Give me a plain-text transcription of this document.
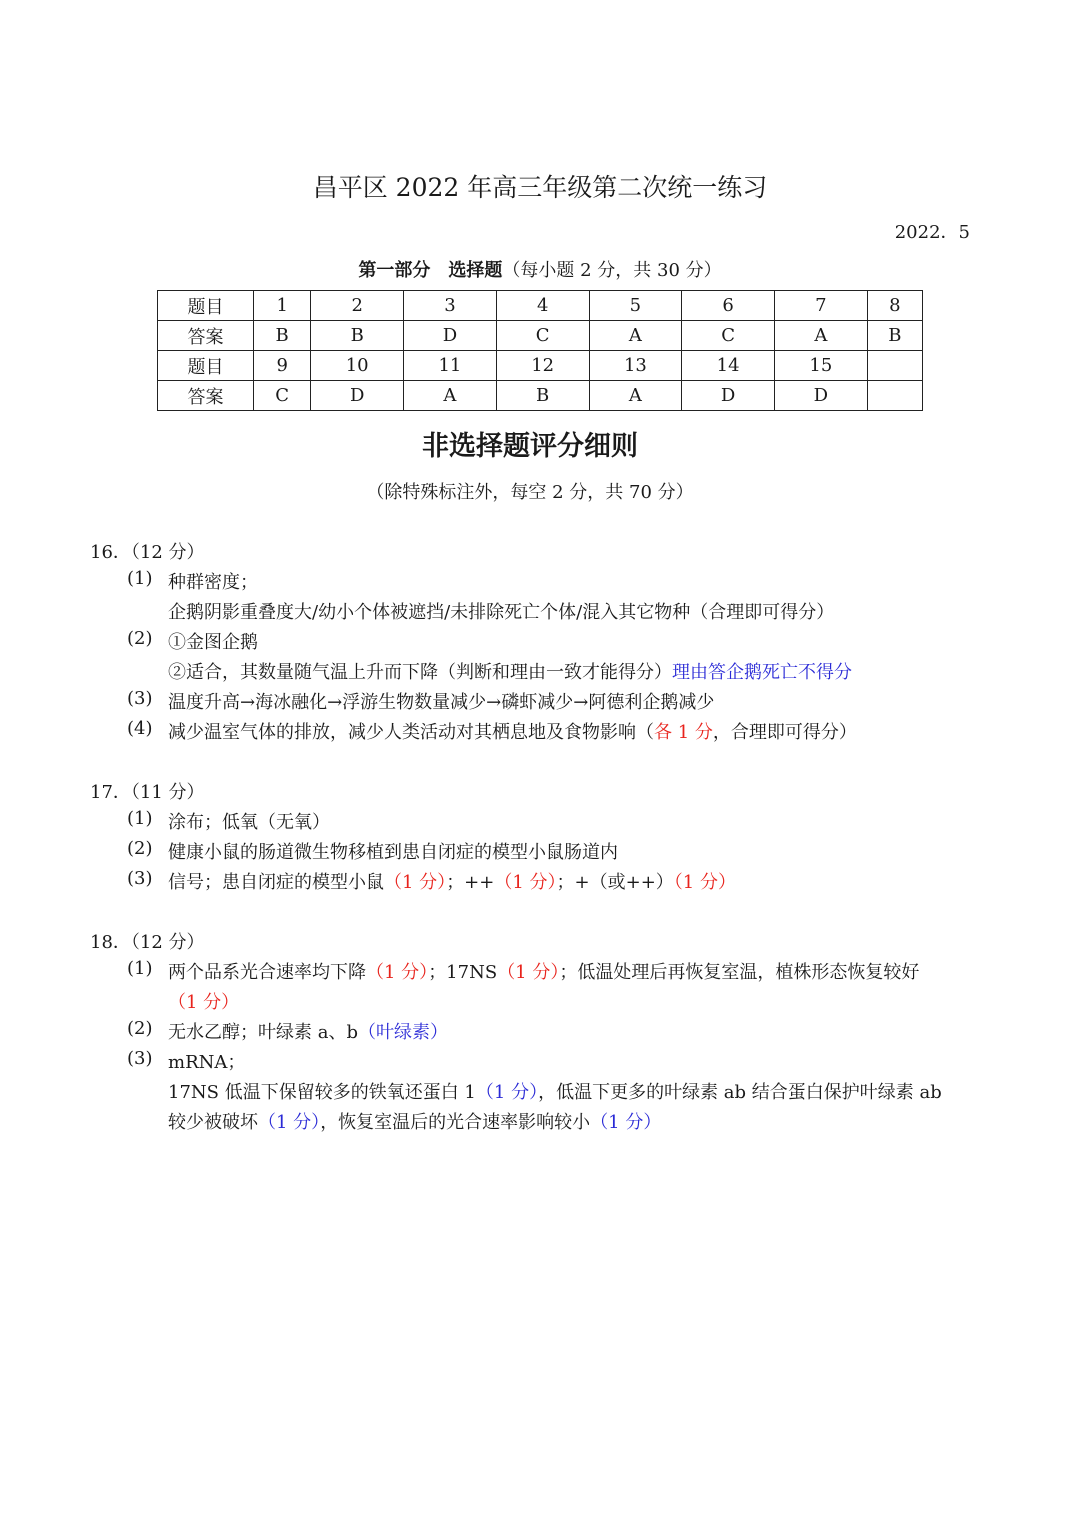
昌平区 2022 年高三年级第二次统一练习
2022．5
第一部分　选择题（每小题 2 分，共 30 分）
题目	1	2	3	4	5	6	7	8
答案	B	B	D	C	A	C	A	B
题目	9	10	11	12	13	14	15	
答案	C	D	A	B	A	D	D	
非选择题评分细则
（除特殊标注外，每空 2 分，共 70 分）
16．（12 分）
(1) 种群密度；
企鹅阴影重叠度大/幼小个体被遮挡/未排除死亡个体/混入其它物种（合理即可得分）
(2) ①金图企鹅
②适合，其数量随气温上升而下降（判断和理由一致才能得分）理由答企鹅死亡不得分
(3) 温度升高→海冰融化→浮游生物数量减少→磷虾减少→阿德利企鹅减少
(4) 减少温室气体的排放，减少人类活动对其栖息地及食物影响（各 1 分，合理即可得分）
17．（11 分）
(1) 涂布；低氧（无氧）
(2) 健康小鼠的肠道微生物移植到患自闭症的模型小鼠肠道内
(3) 信号；患自闭症的模型小鼠（1 分）；++（1 分）；+（或++）（1 分）
18．（12 分）
(1) 两个品系光合速率均下降（1 分）；17NS（1 分）；低温处理后再恢复室温，植株形态恢复较好
（1 分）
(2) 无水乙醇；叶绿素 a、b（叶绿素）
(3) mRNA；
17NS 低温下保留较多的铁氧还蛋白 1（1 分），低温下更多的叶绿素 ab 结合蛋白保护叶绿素 ab
较少被破坏（1 分），恢复室温后的光合速率影响较小（1 分）
